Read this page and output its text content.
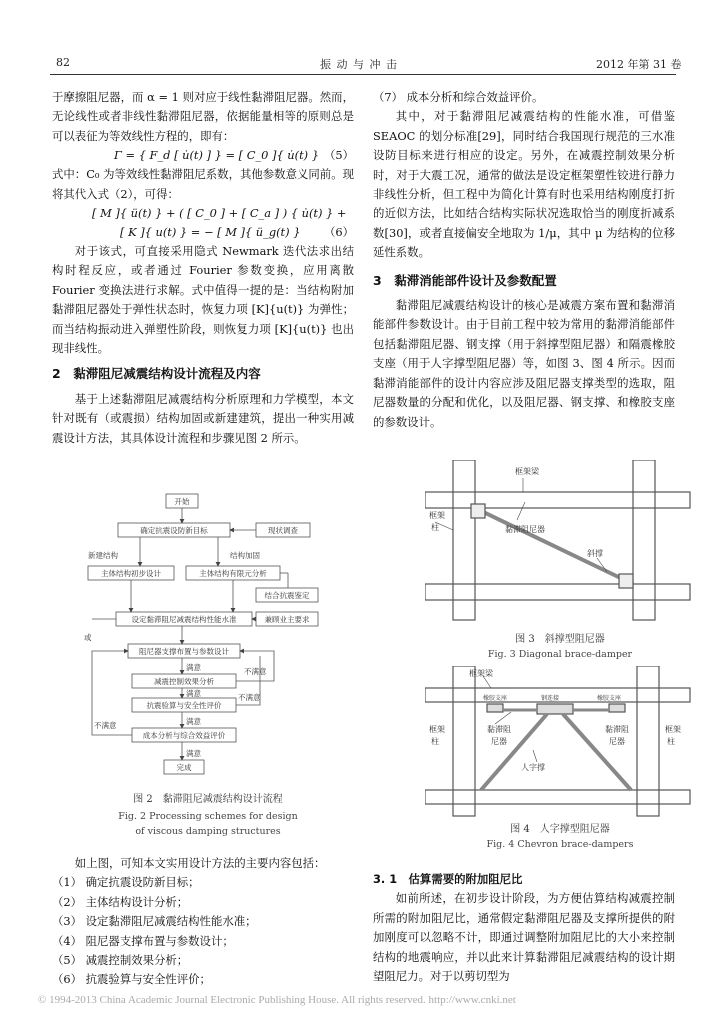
82	振 动 与 冲 击	2012 年第 31 卷

于摩擦阻尼器，而 α = 1 则对应于线性黏滞阻尼器。然而，无论线性或者非线性黏滞阻尼器，依据能量相等的原则总是可以表征为等效线性方程的，即有：

Γ = { F_d [ u̇(t) ] } = [ C_0 ]{ u̇(t) } （5）

式中：C₀ 为等效线性黏滞阻尼系数，其他参数意义同前。现将其代入式（2），可得：

[ M ]{ ü(t) } + ( [ C_0 ] + [ C_a ] ) { u̇(t) } +
[ K ]{ u(t) } = − [ M ]{ ü_g(t) } （6）

对于该式，可直接采用隐式 Newmark 迭代法求出结构时程反应，或者通过 Fourier 参数变换，应用离散 Fourier 变换法进行求解。式中值得一提的是：当结构附加黏滞阻尼器处于弹性状态时，恢复力项 [K]{u(t)} 为弹性；而当结构振动进入弹塑性阶段，则恢复力项 [K]{u(t)} 也出现非线性。

2　黏滞阻尼减震结构设计流程及内容

基于上述黏滞阻尼减震结构分析原理和力学模型，本文针对既有（或震损）结构加固或新建建筑，提出一种实用减震设计方法，其具体设计流程和步骤见图 2 所示。

开始
确定抗震设防新目标	现状调查
新建结构	结构加固
主体结构初步设计	主体结构有限元分析
结合抗震鉴定
设定黏滞阻尼减震结构性能水准	兼顾业主要求
或
阻尼器支撑布置与参数设计
减震控制效果分析
抗震验算与安全性评价
成本分析与综合效益评价
完成
满意
满意
满意
满意
不满意
不满意
不满意
图 2　黏滞阻尼减震结构设计流程
Fig. 2 Processing schemes for design
of viscous damping structures

如上图，可知本文实用设计方法的主要内容包括：

（1） 确定抗震设防新目标；

（2） 主体结构设计分析；

（3） 设定黏滞阻尼减震结构性能水准；

（4） 阻尼器支撑布置与参数设计；

（5） 减震控制效果分析；

（6） 抗震验算与安全性评价；

（7） 成本分析和综合效益评价。

其中，对于黏滞阻尼减震结构的性能水准，可借鉴 SEAOC 的划分标准[29]，同时结合我国现行规范的三水准设防目标来进行相应的设定。另外，在减震控制效果分析时，对于大震工况，通常的做法是设定框架塑性铰进行静力非线性分析，但工程中为简化计算有时也采用结构刚度打折的近似方法，比如结合结构实际状况选取恰当的刚度折减系数[30]，或者直接偏安全地取为 1/μ，其中 μ 为结构的位移延性系数。

3　黏滞消能部件设计及参数配置

黏滞阻尼减震结构设计的核心是减震方案布置和黏滞消能部件参数设计。由于目前工程中较为常用的黏滞消能部件包括黏滞阻尼器、钢支撑（用于斜撑型阻尼器）和隔震橡胶支座（用于人字撑型阻尼器）等，如图 3、图 4 所示。因而黏滞消能部件的设计内容应涉及阻尼器支撑类型的选取，阻尼器数量的分配和优化，以及阻尼器、钢支撑、和橡胶支座的参数设计。

框架梁
黏滞阻尼器
框架
柱
斜撑
图 3　斜撑型阻尼器
Fig. 3 Diagonal brace-damper
框架梁
橡胶支座	钢连接	橡胶支座
黏滞阻
尼器
黏滞阻
尼器
人字撑
框架
柱
框架
柱
图 4　人字撑型阻尼器
Fig. 4 Chevron brace-dampers
3. 1　估算需要的附加阻尼比

如前所述，在初步设计阶段，为方便估算结构减震控制所需的附加阻尼比，通常假定黏滞阻尼器及支撑所提供的附加刚度可以忽略不计，即通过调整附加阻尼比的大小来控制结构的地震响应，并以此来计算黏滞阻尼减震结构的设计期望阻尼力。对于以剪切型为

© 1994-2013 China Academic Journal Electronic Publishing House. All rights reserved. http://www.cnki.net
